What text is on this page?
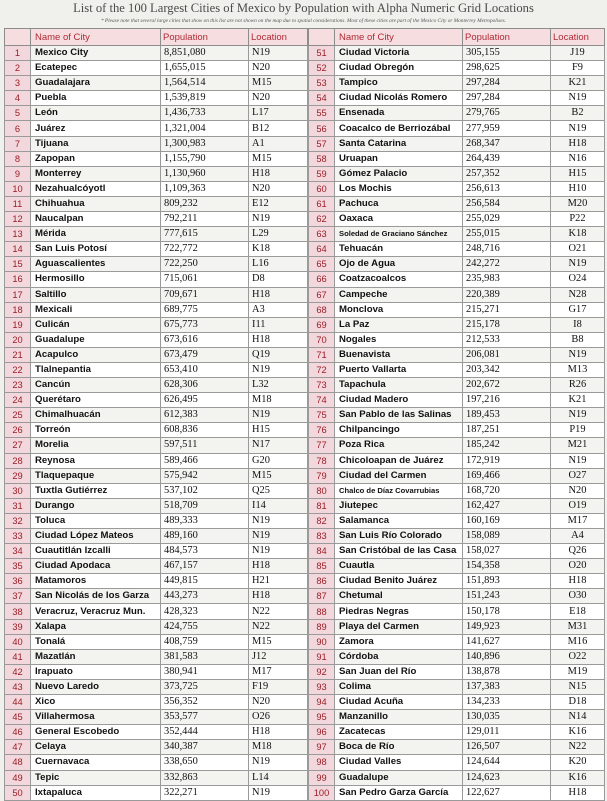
List of the 100 Largest Cities of Mexico by Population with Alpha Numeric Grid Locations
* Please note that several large cities that show on this list are not shown on the map due to spatial considerations. Most of these cities are part of the Mexico City or Monterrey Metropolises.
	Name of City	Population	Location
1	Mexico City	8,851,080	N19
2	Ecatepec	1,655,015	N20
3	Guadalajara	1,564,514	M15
4	Puebla	1,539,819	N20
5	León	1,436,733	L17
6	Juárez	1,321,004	B12
7	Tijuana	1,300,983	A1
8	Zapopan	1,155,790	M15
9	Monterrey	1,130,960	H18
10	Nezahualcóyotl	1,109,363	N20
11	Chihuahua	809,232	E12
12	Naucalpan	792,211	N19
13	Mérida	777,615	L29
14	San Luis Potosí	722,772	K18
15	Aguascalientes	722,250	L16
16	Hermosillo	715,061	D8
17	Saltillo	709,671	H18
18	Mexicali	689,775	A3
19	Culicán	675,773	I11
20	Guadalupe	673,616	H18
21	Acapulco	673,479	Q19
22	Tlalnepantia	653,410	N19
23	Cancún	628,306	L32
24	Querétaro	626,495	M18
25	Chimalhuacán	612,383	N19
26	Torreón	608,836	H15
27	Morelia	597,511	N17
28	Reynosa	589,466	G20
29	Tlaquepaque	575,942	M15
30	Tuxtla Gutiérrez	537,102	Q25
31	Durango	518,709	I14
32	Toluca	489,333	N19
33	Ciudad López Mateos	489,160	N19
34	Cuautitlán Izcalli	484,573	N19
35	Ciudad Apodaca	467,157	H18
36	Matamoros	449,815	H21
37	San Nicolás de los Garza	443,273	H18
38	Veracruz, Veracruz Mun.	428,323	N22
39	Xalapa	424,755	N22
40	Tonalá	408,759	M15
41	Mazatlán	381,583	J12
42	Irapuato	380,941	M17
43	Nuevo Laredo	373,725	F19
44	Xico	356,352	N20
45	Villahermosa	353,577	O26
46	General Escobedo	352,444	H18
47	Celaya	340,387	M18
48	Cuernavaca	338,650	N19
49	Tepic	332,863	L14
50	Ixtapaluca	322,271	N19
	Name of City	Population	Location
51	Ciudad Victoria	305,155	J19
52	Ciudad Obregón	298,625	F9
53	Tampico	297,284	K21
54	Ciudad Nicolás Romero	297,284	N19
55	Ensenada	279,765	B2
56	Coacalco de Berriozábal	277,959	N19
57	Santa Catarina	268,347	H18
58	Uruapan	264,439	N16
59	Gómez Palacio	257,352	H15
60	Los Mochis	256,613	H10
61	Pachuca	256,584	M20
62	Oaxaca	255,029	P22
63	Soledad de Graciano Sánchez	255,015	K18
64	Tehuacán	248,716	O21
65	Ojo de Agua	242,272	N19
66	Coatzacoalcos	235,983	O24
67	Campeche	220,389	N28
68	Monclova	215,271	G17
69	La Paz	215,178	I8
70	Nogales	212,533	B8
71	Buenavista	206,081	N19
72	Puerto Vallarta	203,342	M13
73	Tapachula	202,672	R26
74	Ciudad Madero	197,216	K21
75	San Pablo de las Salinas	189,453	N19
76	Chilpancingo	187,251	P19
77	Poza Rica	185,242	M21
78	Chicoloapan de Juárez	172,919	N19
79	Ciudad del Carmen	169,466	O27
80	Chalco de Díaz Covarrubias	168,720	N20
81	Jiutepec	162,427	O19
82	Salamanca	160,169	M17
83	San Luis Río Colorado	158,089	A4
84	San Cristóbal de las Casa	158,027	Q26
85	Cuautla	154,358	O20
86	Ciudad Benito Juárez	151,893	H18
87	Chetumal	151,243	O30
88	Piedras Negras	150,178	E18
89	Playa del Carmen	149,923	M31
90	Zamora	141,627	M16
91	Córdoba	140,896	O22
92	San Juan del Río	138,878	M19
93	Colima	137,383	N15
94	Ciudad Acuña	134,233	D18
95	Manzanillo	130,035	N14
96	Zacatecas	129,011	K16
97	Boca de Río	126,507	N22
98	Ciudad Valles	124,644	K20
99	Guadalupe	124,623	K16
100	San Pedro Garza García	122,627	H18
